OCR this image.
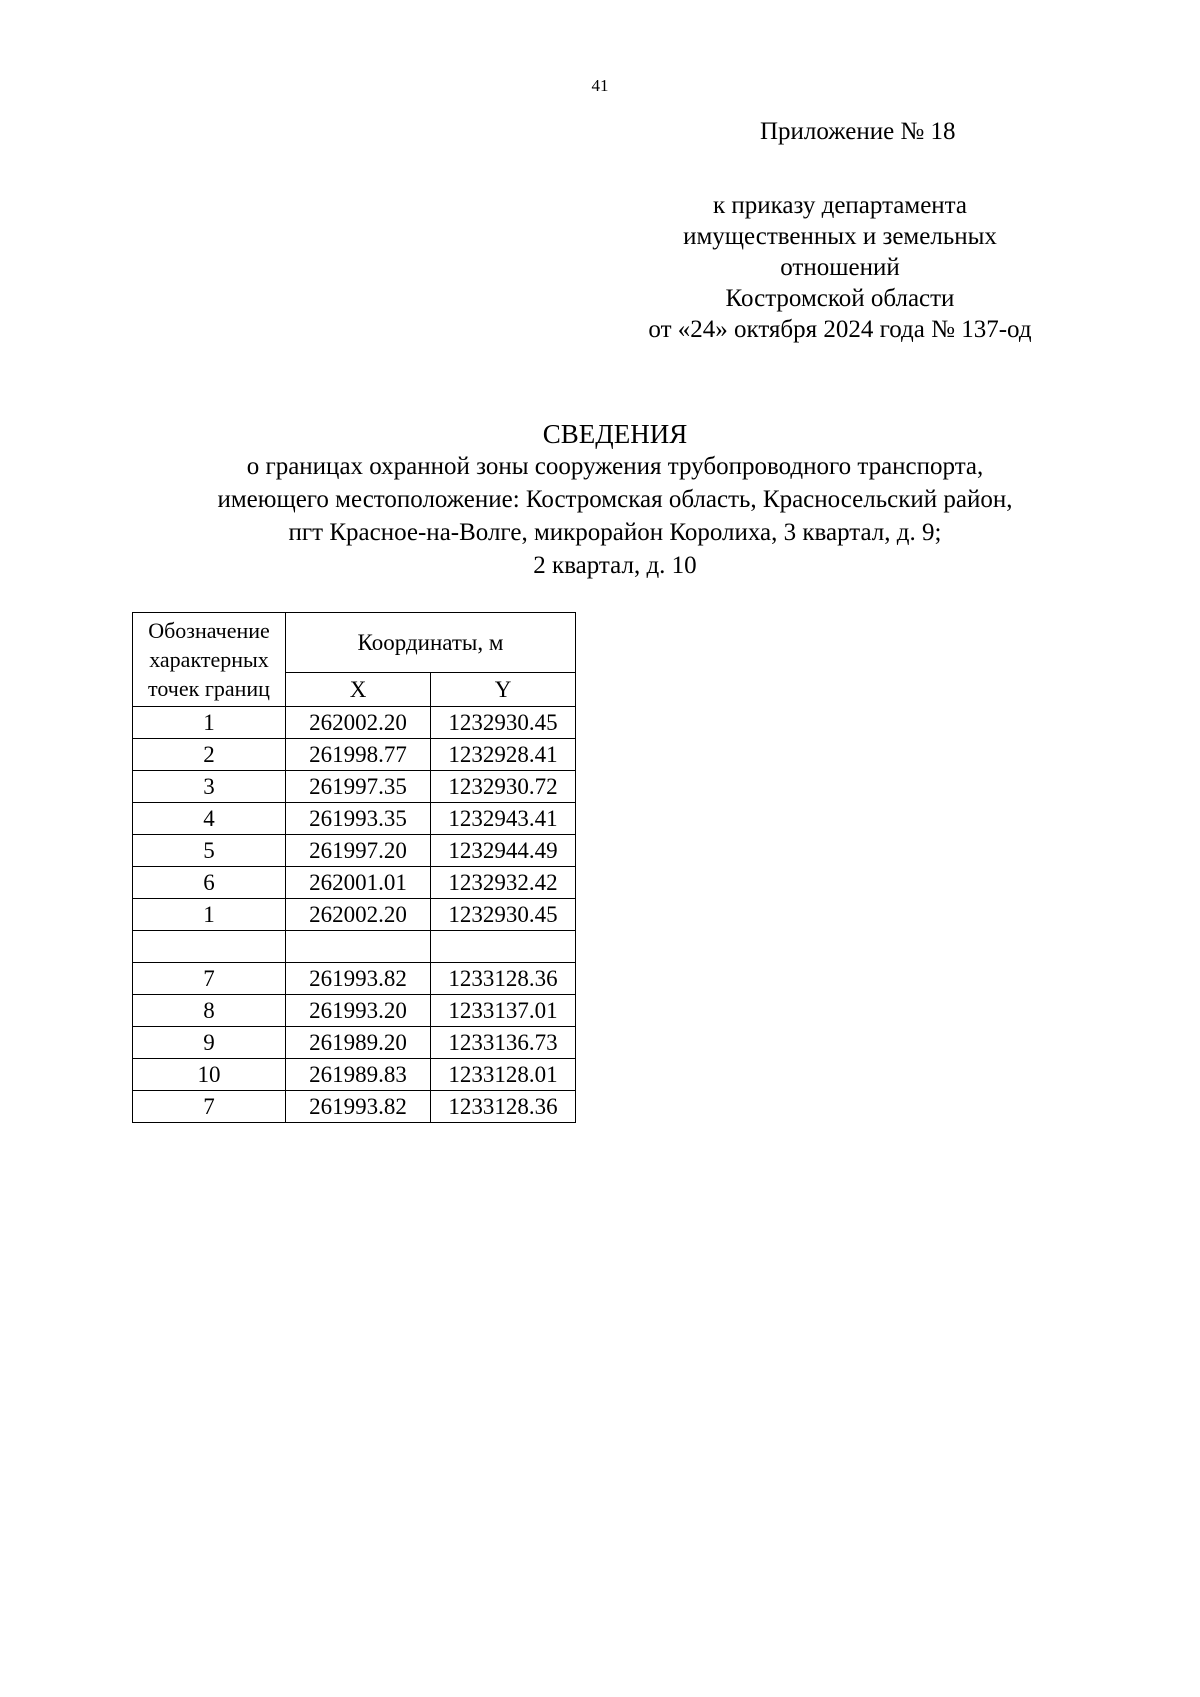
41
Приложение № 18
к приказу департамента
имущественных и земельных
отношений
Костромской области
от «24» октября 2024 года № 137-од
СВЕДЕНИЯ
о границах охранной зоны сооружения трубопроводного транспорта,
имеющего местоположение: Костромская область, Красносельский район,
пгт Красное-на-Волге, микрорайон Королиха, 3 квартал, д. 9;
2 квартал, д. 10
Обозначение
характерных
точек границ	Координаты, м	
	X	Y
1	262002.20	1232930.45
2	261998.77	1232928.41
3	261997.35	1232930.72
4	261993.35	1232943.41
5	261997.20	1232944.49
6	262001.01	1232932.42
1	262002.20	1232930.45

7	261993.82	1233128.36
8	261993.20	1233137.01
9	261989.20	1233136.73
10	261989.83	1233128.01
7	261993.82	1233128.36
